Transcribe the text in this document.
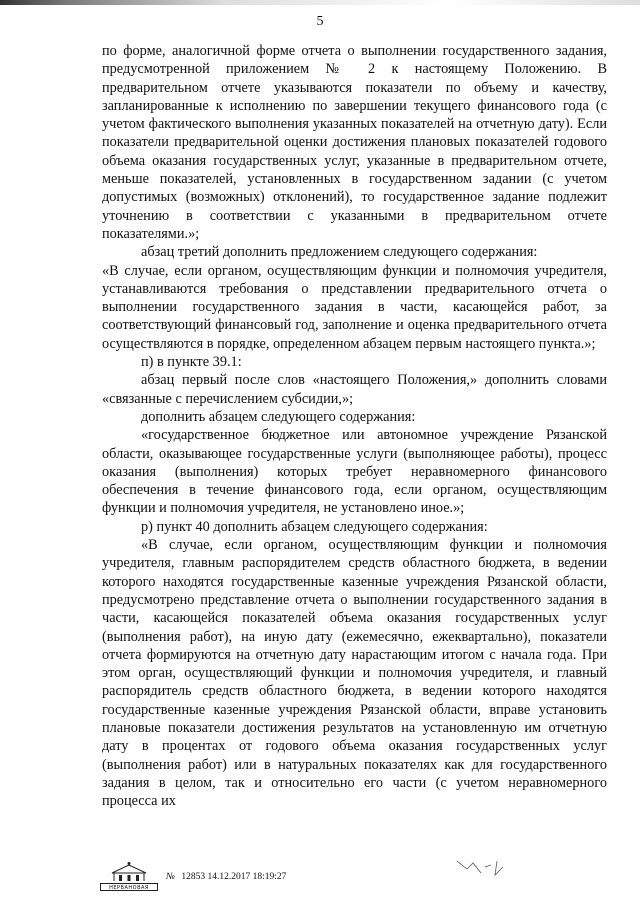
5

по форме, аналогичной форме отчета о выполнении государственного задания, предусмотренной приложением № 2 к настоящему Положению. В предварительном отчете указываются показатели по объему и качеству, запланированные к исполнению по завершении текущего финансового года (с учетом фактического выполнения указанных показателей на отчетную дату). Если показатели предварительной оценки достижения плановых показателей годового объема оказания государственных услуг, указанные в предварительном отчете, меньше показателей, установленных в государственном задании (с учетом допустимых (возможных) отклонений), то государственное задание подлежит уточнению в соответствии с указанными в предварительном отчете показателями.»;

абзац третий дополнить предложением следующего содержания:

«В случае, если органом, осуществляющим функции и полномочия учредителя, устанавливаются требования о представлении предварительного отчета о выполнении государственного задания в части, касающейся работ, за соответствующий финансовый год, заполнение и оценка предварительного отчета осуществляются в порядке, определенном абзацем первым настоящего пункта.»;

п) в пункте 39.1:

абзац первый после слов «настоящего Положения,» дополнить словами «связанные с перечислением субсидии,»;

дополнить абзацем следующего содержания:

«государственное бюджетное или автономное учреждение Рязанской области, оказывающее государственные услуги (выполняющее работы), процесс оказания (выполнения) которых требует неравномерного финансового обеспечения в течение финансового года, если органом, осуществляющим функции и полномочия учредителя, не установлено иное.»;

р) пункт 40 дополнить абзацем следующего содержания:

«В случае, если органом, осуществляющим функции и полномочия учредителя, главным распорядителем средств областного бюджета, в ведении которого находятся государственные казенные учреждения Рязанской области, предусмотрено представление отчета о выполнении государственного задания в части, касающейся показателей объема оказания государственных услуг (выполнения работ), на иную дату (ежемесячно, ежеквартально), показатели отчета формируются на отчетную дату нарастающим итогом с начала года. При этом орган, осуществляющий функции и полномочия учредителя, и главный распорядитель средств областного бюджета, в ведении которого находятся государственные казенные учреждения Рязанской области, вправе установить плановые показатели достижения результатов на установленную им отчетную дату в процентах от годового объема оказания государственных услуг (выполнения работ) или в натуральных показателях как для государственного задания в целом, так и относительно его части (с учетом неравномерного процесса их

НЕРВАНОВАЯ
№ 12853 14.12.2017 18:19:27
